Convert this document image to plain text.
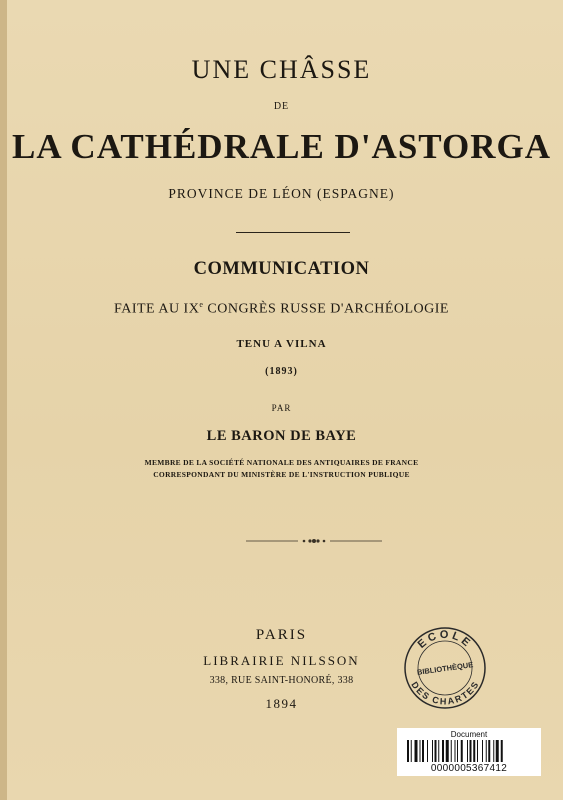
UNE CHÂSSE
DE
LA CATHÉDRALE D'ASTORGA
PROVINCE DE LÉON (ESPAGNE)
COMMUNICATION
FAITE AU IXe CONGRÈS RUSSE D'ARCHÉOLOGIE
TENU A VILNA
(1893)
PAR
LE BARON DE BAYE
MEMBRE DE LA SOCIÉTÉ NATIONALE DES ANTIQUAIRES DE FRANCE
CORRESPONDANT DU MINISTÈRE DE L'INSTRUCTION PUBLIQUE
PARIS
LIBRAIRIE NILSSON
338, RUE SAINT-HONORÉ, 338
1894
ECOLE
BIBLIOTHÈQUE
DES CHARTES
Document
0000005367412
